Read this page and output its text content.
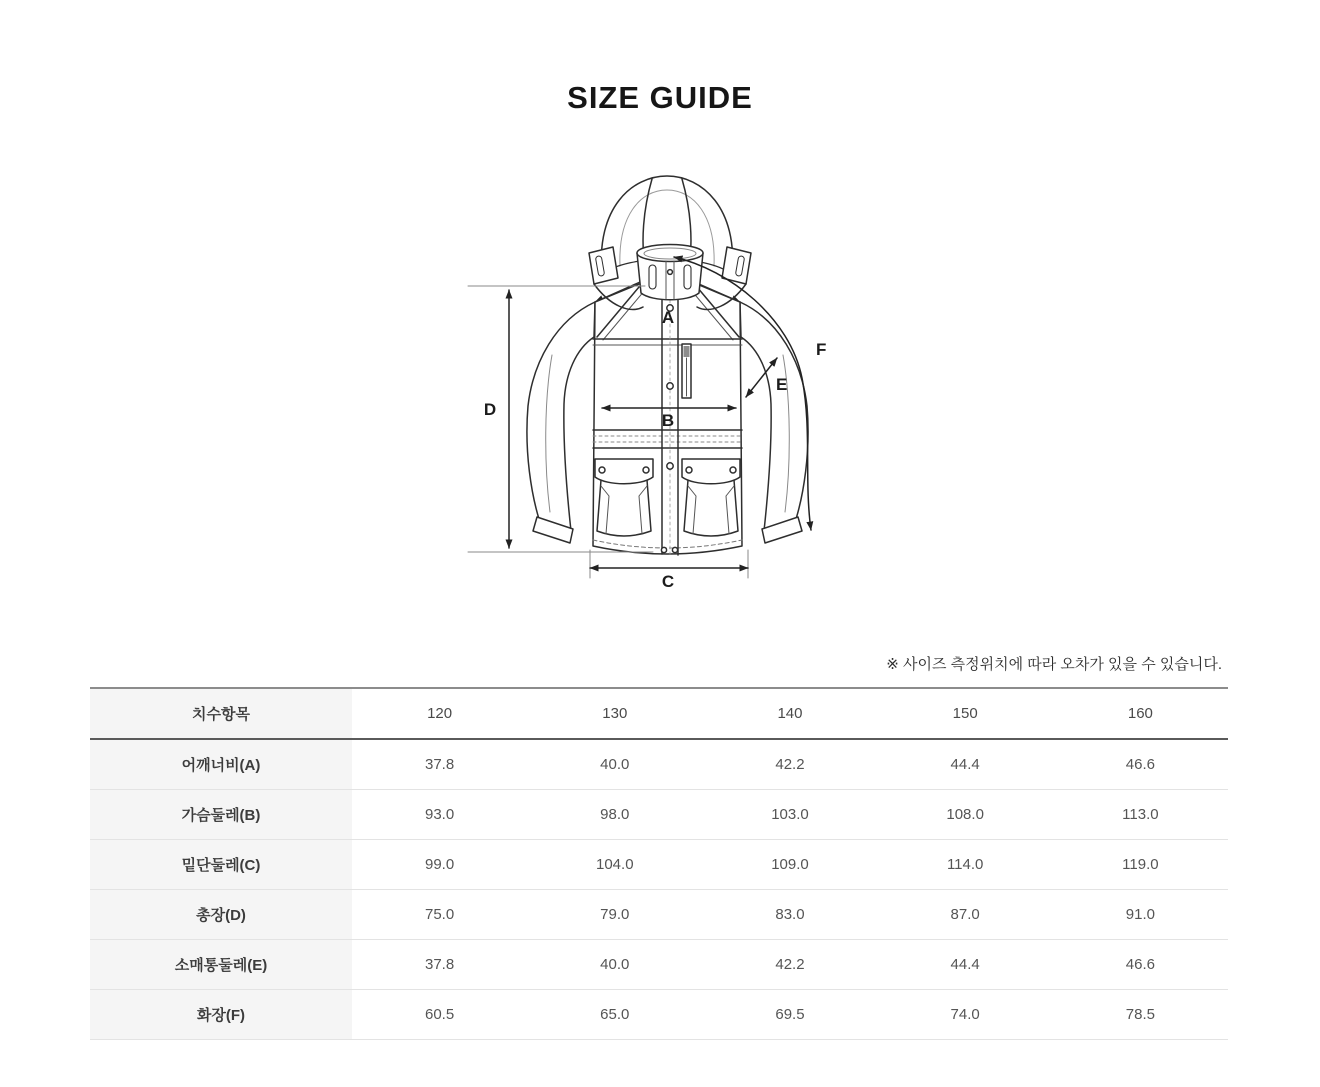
SIZE GUIDE
A
B
C
D
E
F
※ 사이즈 측정위치에 따라 오차가 있을 수 있습니다.
치수항목	120	130	140	150	160
어깨너비(A)	37.8	40.0	42.2	44.4	46.6
가슴둘레(B)	93.0	98.0	103.0	108.0	113.0
밑단둘레(C)	99.0	104.0	109.0	114.0	119.0
총장(D)	75.0	79.0	83.0	87.0	91.0
소매통둘레(E)	37.8	40.0	42.2	44.4	46.6
화장(F)	60.5	65.0	69.5	74.0	78.5
